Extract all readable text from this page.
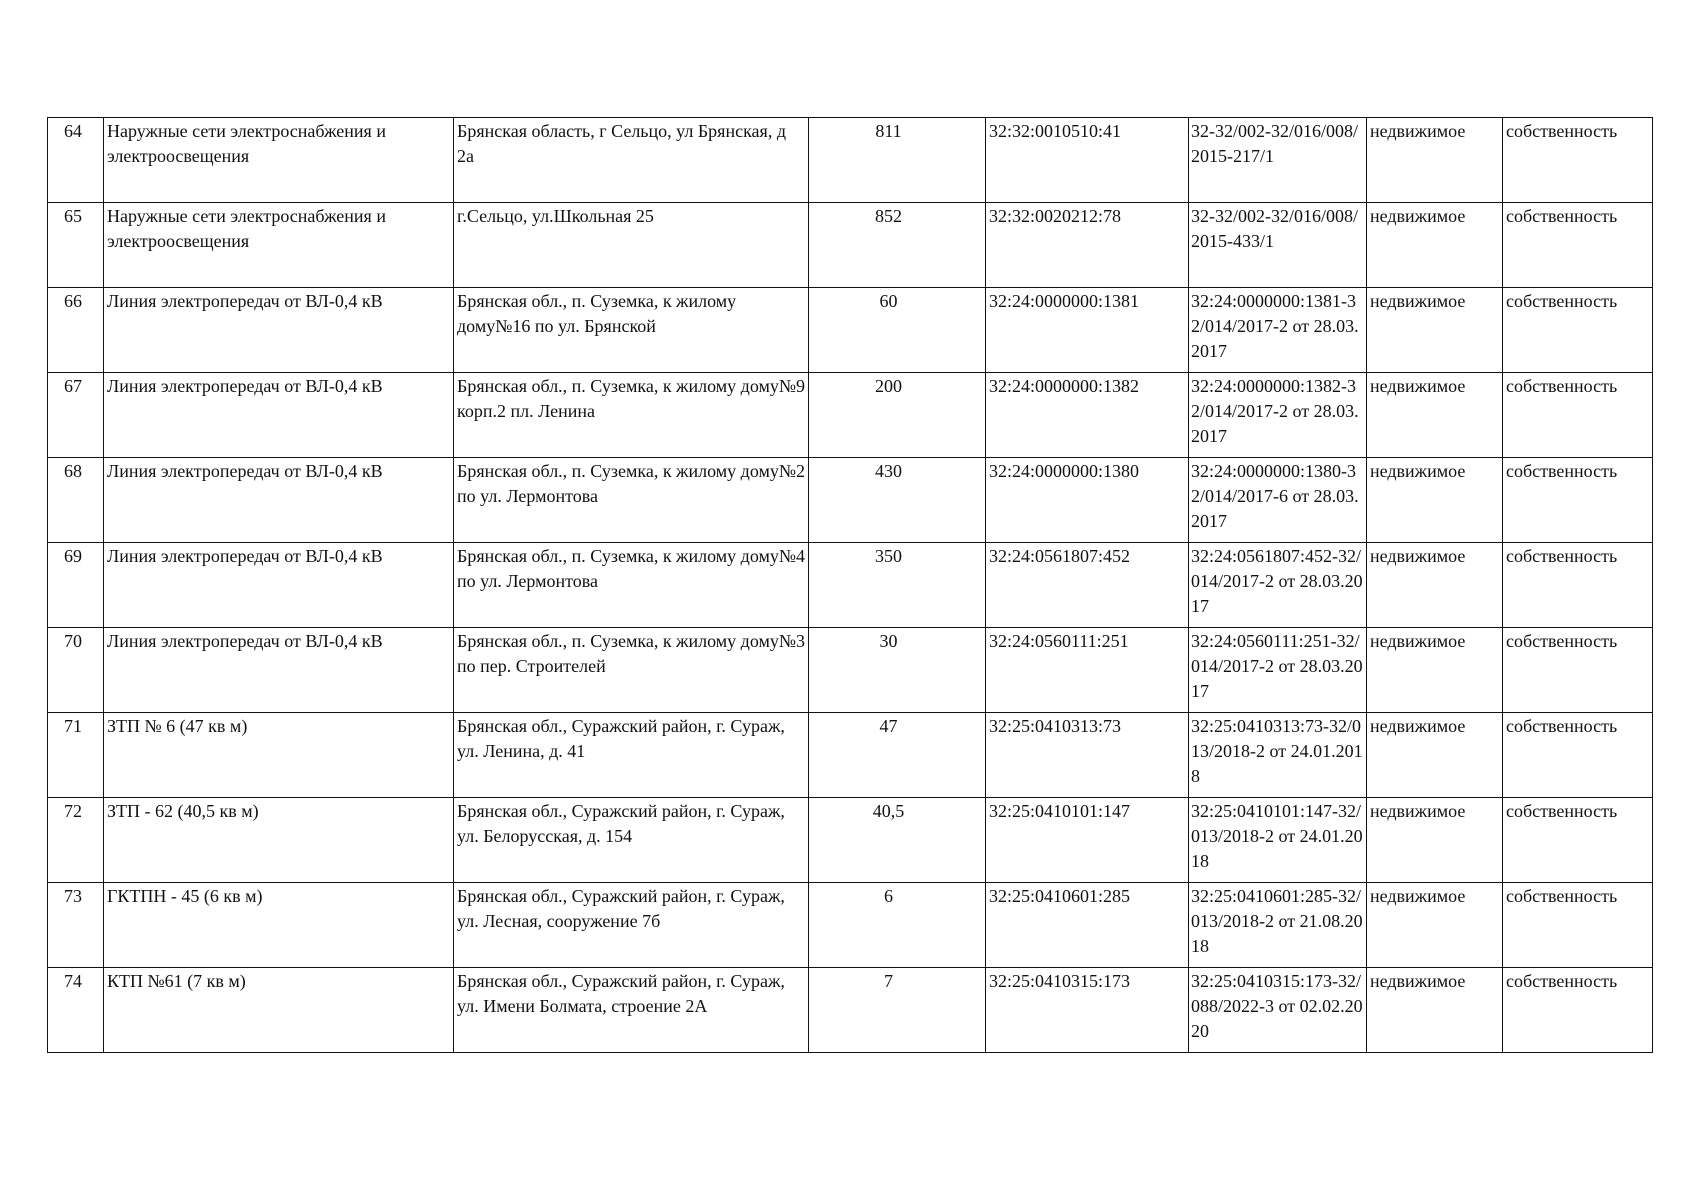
64	Наружные сети электроснабжения и электроосвещения	Брянская область, г Сельцо, ул Брянская, д 2а	811	32:32:0010510:41	32-32/002-32/016/008/2015-217/1	недвижимое	собственность
65	Наружные сети электроснабжения и электроосвещения	г.Сельцо, ул.Школьная 25	852	32:32:0020212:78	32-32/002-32/016/008/2015-433/1	недвижимое	собственность
66	Линия электропередач от ВЛ-0,4 кВ	Брянская обл., п. Суземка, к жилому дому№16 по ул. Брянской	60	32:24:0000000:1381	32:24:0000000:1381-32/014/2017-2 от 28.03.2017	недвижимое	собственность
67	Линия электропередач от ВЛ-0,4 кВ	Брянская обл., п. Суземка, к жилому дому№9 корп.2 пл. Ленина	200	32:24:0000000:1382	32:24:0000000:1382-32/014/2017-2 от 28.03.2017	недвижимое	собственность
68	Линия электропередач от ВЛ-0,4 кВ	Брянская обл., п. Суземка, к жилому дому№2 по ул. Лермонтова	430	32:24:0000000:1380	32:24:0000000:1380-32/014/2017-6 от 28.03.2017	недвижимое	собственность
69	Линия электропередач от ВЛ-0,4 кВ	Брянская обл., п. Суземка, к жилому дому№4 по ул. Лермонтова	350	32:24:0561807:452	32:24:0561807:452-32/014/2017-2 от 28.03.2017	недвижимое	собственность
70	Линия электропередач от ВЛ-0,4 кВ	Брянская обл., п. Суземка, к жилому дому№3 по пер. Строителей	30	32:24:0560111:251	32:24:0560111:251-32/014/2017-2 от 28.03.2017	недвижимое	собственность
71	ЗТП № 6 (47 кв м)	Брянская обл., Суражский район, г. Сураж, ул. Ленина, д. 41	47	32:25:0410313:73	32:25:0410313:73-32/013/2018-2 от 24.01.2018	недвижимое	собственность
72	ЗТП - 62 (40,5 кв м)	Брянская обл., Суражский район, г. Сураж, ул. Белорусская, д. 154	40,5	32:25:0410101:147	32:25:0410101:147-32/013/2018-2 от 24.01.2018	недвижимое	собственность
73	ГКТПН - 45 (6 кв м)	Брянская обл., Суражский район, г. Сураж, ул. Лесная, сооружение 7б	6	32:25:0410601:285	32:25:0410601:285-32/013/2018-2 от 21.08.2018	недвижимое	собственность
74	КТП №61 (7 кв м)	Брянская обл., Суражский район, г. Сураж, ул. Имени Болмата, строение 2А	7	32:25:0410315:173	32:25:0410315:173-32/088/2022-3 от 02.02.2020	недвижимое	собственность
